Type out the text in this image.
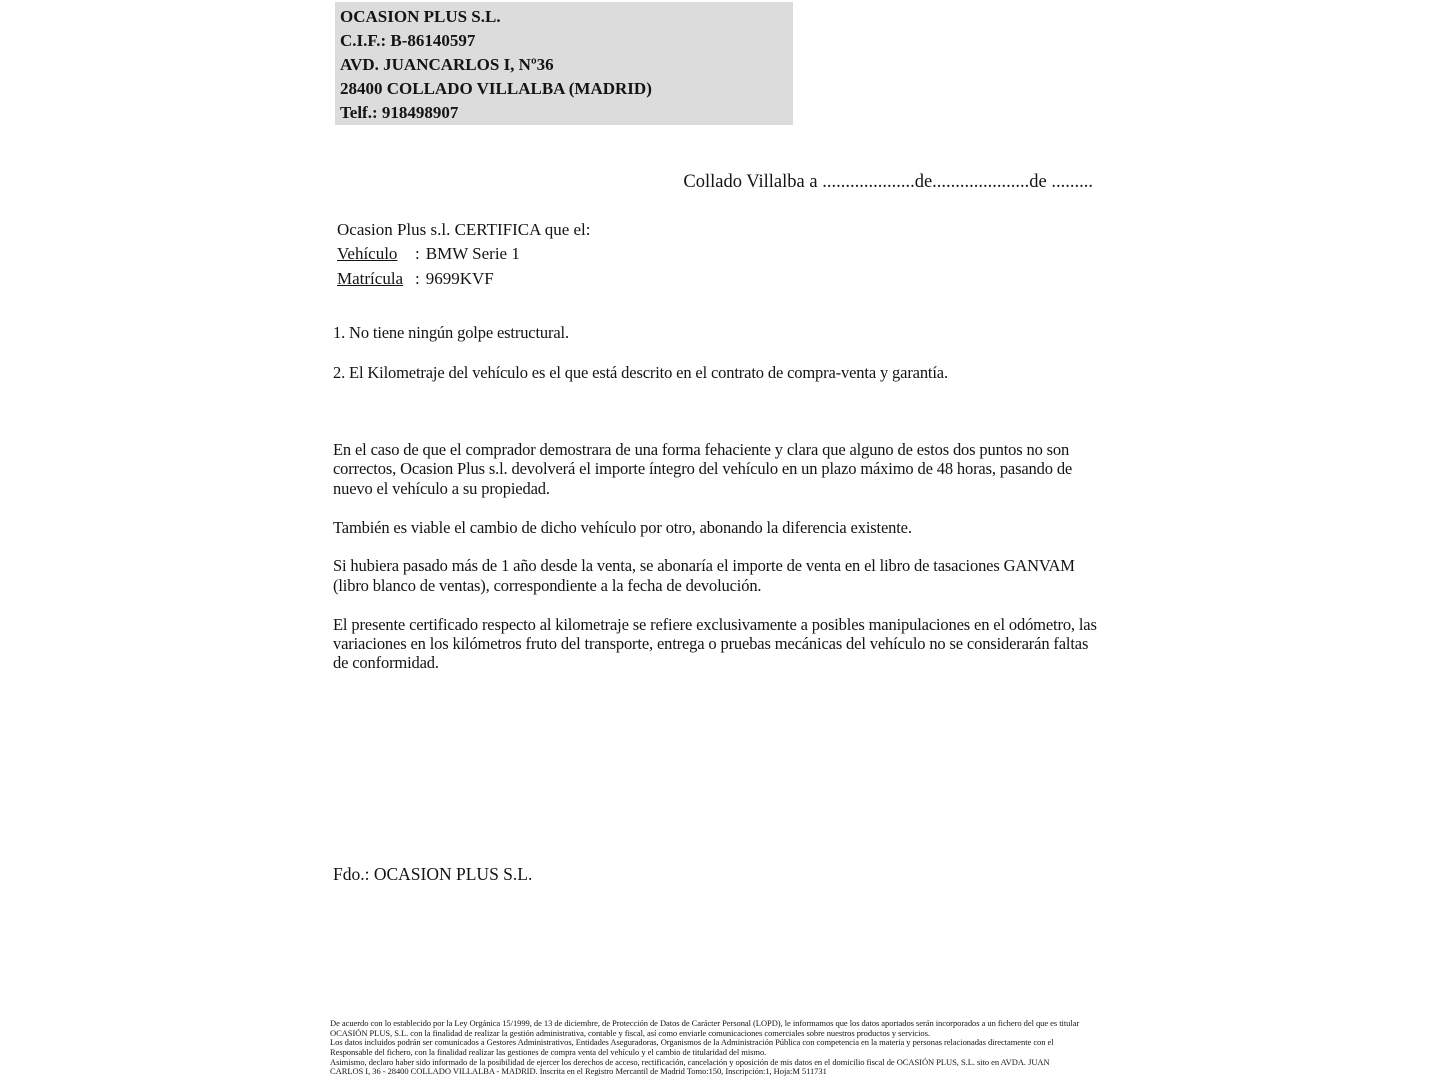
OCASION PLUS S.L.
C.I.F.: B-86140597
AVD. JUANCARLOS I, Nº36
28400 COLLADO VILLALBA (MADRID)
Telf.: 918498907
Collado Villalba a ....................de.....................de .........
Ocasion Plus s.l. CERTIFICA que el:
Vehículo : BMW Serie 1
Matrícula : 9699KVF
1. No tiene ningún golpe estructural.
2. El Kilometraje del vehículo es el que está descrito en el contrato de compra-venta y garantía.

En el caso de que el comprador demostrara de una forma fehaciente y clara que alguno de estos dos puntos no son correctos, Ocasion Plus s.l. devolverá el importe íntegro del vehículo en un plazo máximo de 48 horas, pasando de nuevo el vehículo a su propiedad.

También es viable el cambio de dicho vehículo por otro, abonando la diferencia existente.

Si hubiera pasado más de 1 año desde la venta, se abonaría el importe de venta en el libro de tasaciones GANVAM (libro blanco de ventas), correspondiente a la fecha de devolución.

El presente certificado respecto al kilometraje se refiere exclusivamente a posibles manipulaciones en el odómetro, las variaciones en los kilómetros fruto del transporte, entrega o pruebas mecánicas del vehículo no se considerarán faltas de conformidad.

Fdo.: OCASION PLUS S.L.
De acuerdo con lo establecido por la Ley Orgánica 15/1999, de 13 de diciembre, de Protección de Datos de Carácter Personal (LOPD), le informamos que los datos aportados serán incorporados a un fichero del que es titular
OCASIÓN PLUS, S.L. con la finalidad de realizar la gestión administrativa, contable y fiscal, así como enviarle comunicaciones comerciales sobre nuestros productos y servicios.
Los datos incluidos podrán ser comunicados a Gestores Administrativos, Entidades Aseguradoras, Organismos de la Administración Pública con competencia en la materia y personas relacionadas directamente con el
Responsable del fichero, con la finalidad realizar las gestiones de compra venta del vehículo y el cambio de titularidad del mismo.
Asimismo, declaro haber sido informado de la posibilidad de ejercer los derechos de acceso, rectificación, cancelación y oposición de mis datos en el domicilio fiscal de OCASIÓN PLUS, S.L. sito en AVDA. JUAN
CARLOS I, 36 - 28400 COLLADO VILLALBA - MADRID. Inscrita en el Registro Mercantil de Madrid Tomo:150, Inscripción:1, Hoja:M 511731
